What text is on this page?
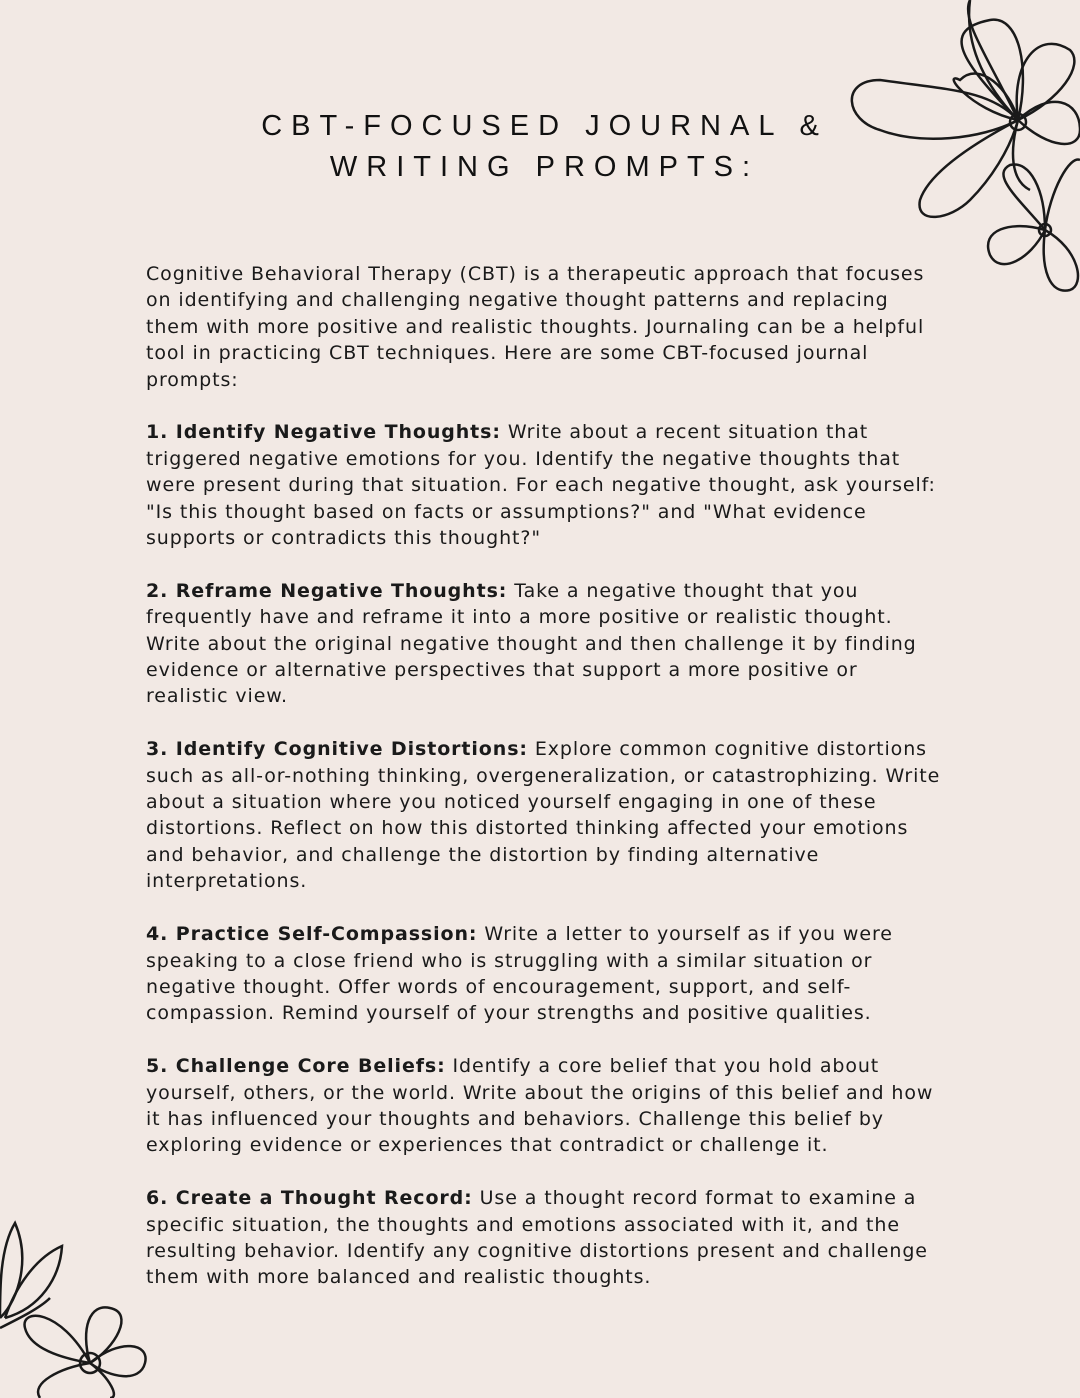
CBT-FOCUSED JOURNAL &
WRITING PROMPTS:

Cognitive Behavioral Therapy (CBT) is a therapeutic approach that focuses on identifying and challenging negative thought patterns and replacing them with more positive and realistic thoughts. Journaling can be a helpful tool in practicing CBT techniques. Here are some CBT-focused journal prompts:

1. Identify Negative Thoughts: Write about a recent situation that triggered negative emotions for you. Identify the negative thoughts that were present during that situation. For each negative thought, ask yourself: "Is this thought based on facts or assumptions?" and "What evidence supports or contradicts this thought?"

2. Reframe Negative Thoughts: Take a negative thought that you frequently have and reframe it into a more positive or realistic thought. Write about the original negative thought and then challenge it by finding evidence or alternative perspectives that support a more positive or realistic view.

3. Identify Cognitive Distortions: Explore common cognitive distortions such as all-or-nothing thinking, overgeneralization, or catastrophizing. Write about a situation where you noticed yourself engaging in one of these distortions. Reflect on how this distorted thinking affected your emotions and behavior, and challenge the distortion by finding alternative interpretations.

4. Practice Self-Compassion: Write a letter to yourself as if you were speaking to a close friend who is struggling with a similar situation or negative thought. Offer words of encouragement, support, and self-compassion. Remind yourself of your strengths and positive qualities.

5. Challenge Core Beliefs: Identify a core belief that you hold about yourself, others, or the world. Write about the origins of this belief and how it has influenced your thoughts and behaviors. Challenge this belief by exploring evidence or experiences that contradict or challenge it.

6. Create a Thought Record: Use a thought record format to examine a specific situation, the thoughts and emotions associated with it, and the resulting behavior. Identify any cognitive distortions present and challenge them with more balanced and realistic thoughts.
